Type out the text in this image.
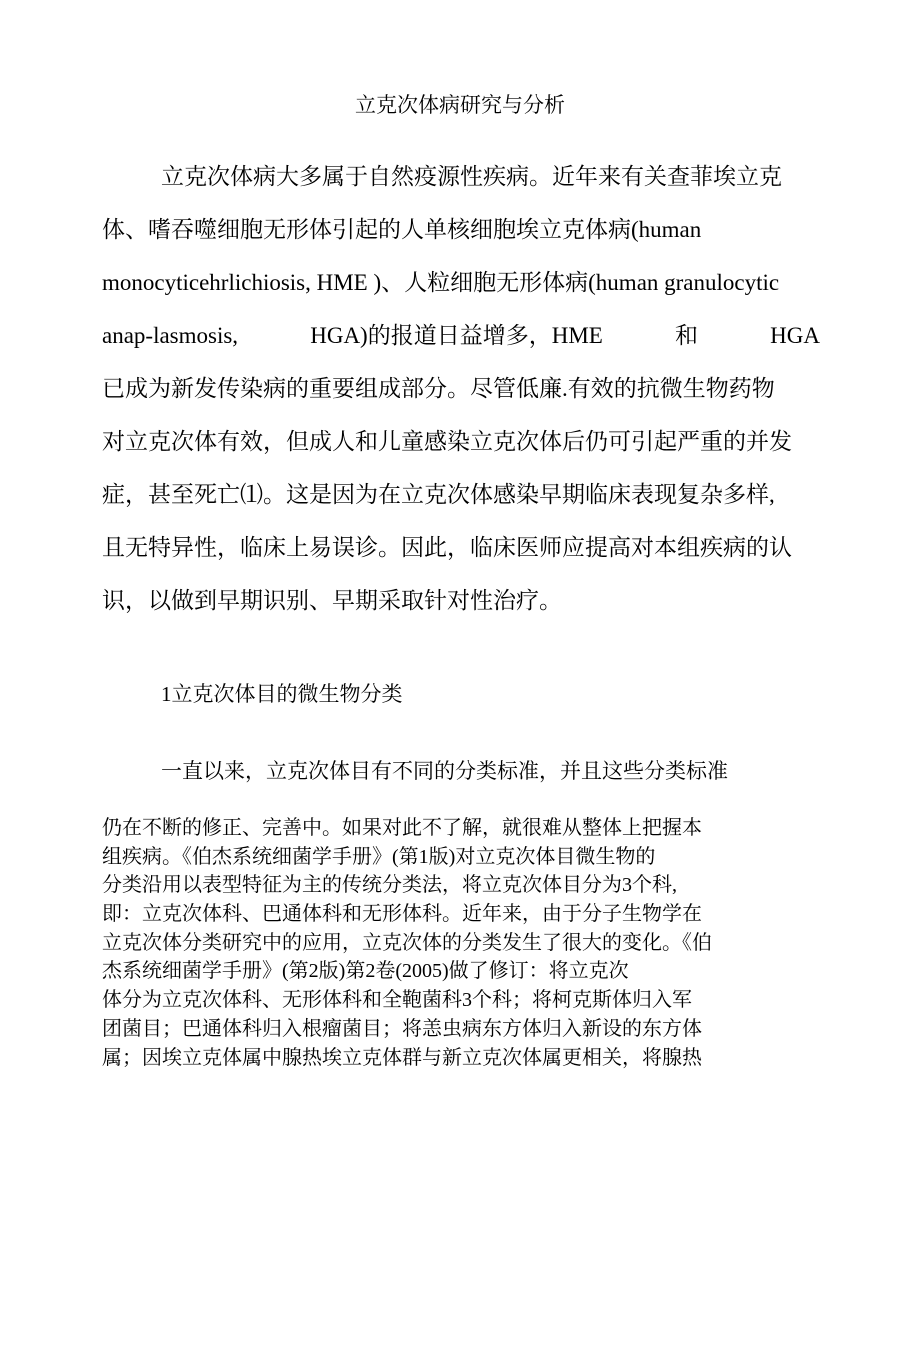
立克次体病研究与分析
立克次体病大多属于自然疫源性疾病。近年来有关查菲埃立克
体、嗜吞噬细胞无形体引起的人单核细胞埃立克体病(human
monocyticehrlichiosis, HME )、人粒细胞无形体病(human granulocytic
anap-lasmosis,	HGA)的报道日益增多，HME	和	HGA
已成为新发传染病的重要组成部分。尽管低廉.有效的抗微生物药物
对立克次体有效，但成人和儿童感染立克次体后仍可引起严重的并发
症，甚至死亡⑴。这是因为在立克次体感染早期临床表现复杂多样,
且无特异性，临床上易误诊。因此，临床医师应提高对本组疾病的认
识，以做到早期识别、早期采取针对性治疗。
1立克次体目的微生物分类
一直以来，立克次体目有不同的分类标准，并且这些分类标准
仍在不断的修正、完善中。如果对此不了解，就很难从整体上把握本
组疾病。《伯杰系统细菌学手册》(第1版)对立克次体目微生物的
分类沿用以表型特征为主的传统分类法，将立克次体目分为3个科,
即：立克次体科、巴通体科和无形体科。近年来，由于分子生物学在
立克次体分类研究中的应用，立克次体的分类发生了很大的变化。《伯
杰系统细菌学手册》(第2版)第2卷(2005)做了修订：将立克次
体分为立克次体科、无形体科和全鞄菌科3个科；将柯克斯体归入军
团菌目；巴通体科归入根瘤菌目；将恙虫病东方体归入新设的东方体
属；因埃立克体属中腺热埃立克体群与新立克次体属更相关，将腺热
